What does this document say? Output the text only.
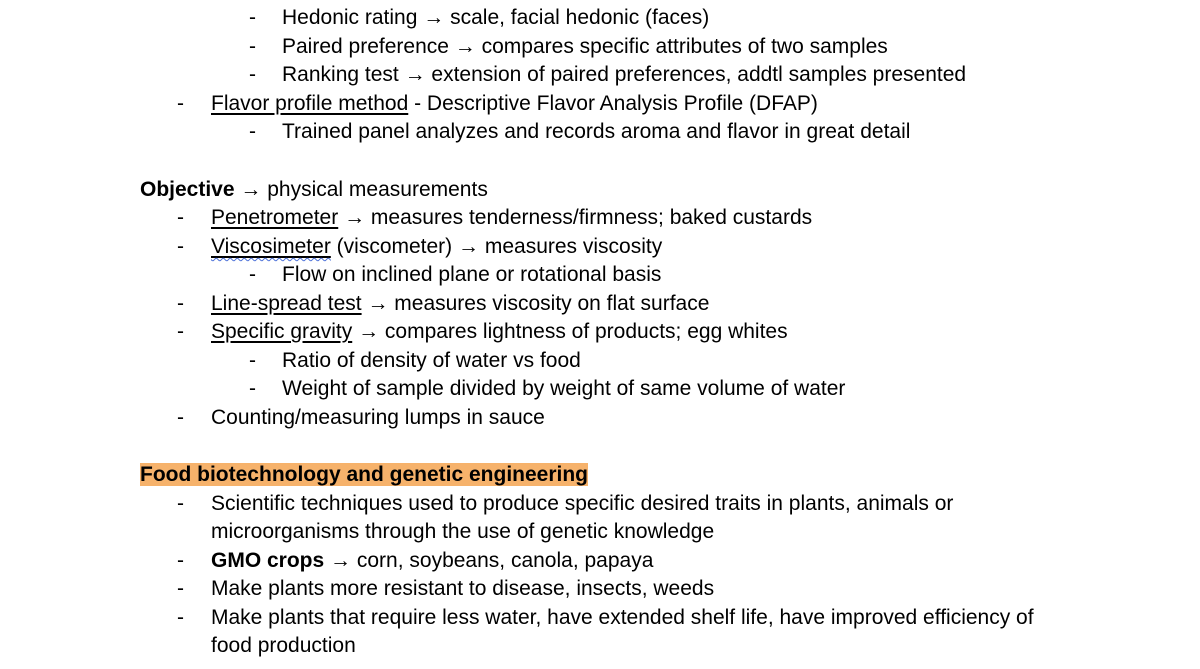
- Hedonic rating → scale, facial hedonic (faces)
- Paired preference → compares specific attributes of two samples
- Ranking test → extension of paired preferences, addtl samples presented
- Flavor profile method - Descriptive Flavor Analysis Profile (DFAP)
- Trained panel analyzes and records aroma and flavor in great detail
Objective → physical measurements
- Penetrometer → measures tenderness/firmness; baked custards
- Viscosimeter (viscometer) → measures viscosity
- Flow on inclined plane or rotational basis
- Line-spread test → measures viscosity on flat surface
- Specific gravity → compares lightness of products; egg whites
- Ratio of density of water vs food
- Weight of sample divided by weight of same volume of water
- Counting/measuring lumps in sauce
Food biotechnology and genetic engineering
- Scientific techniques used to produce specific desired traits in plants, animals or
microorganisms through the use of genetic knowledge
- GMO crops → corn, soybeans, canola, papaya
- Make plants more resistant to disease, insects, weeds
- Make plants that require less water, have extended shelf life, have improved efficiency of
food production
